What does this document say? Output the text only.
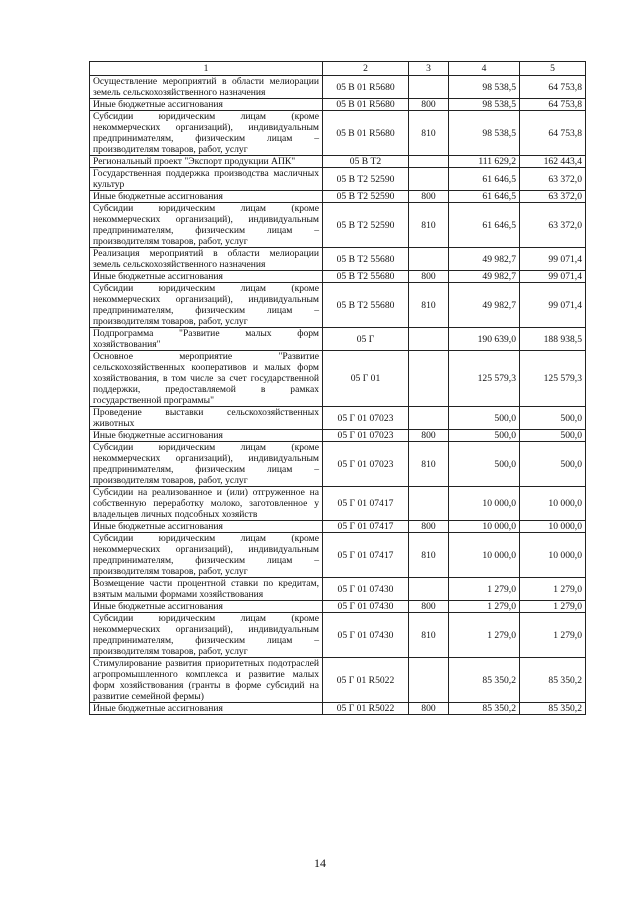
1	2	3	4	5
Осуществление мероприятий в области мелиорации земель сельскохозяйственного назначения	05 В 01 R5680		98 538,5	64 753,8
Иные бюджетные ассигнования	05 В 01 R5680	800	98 538,5	64 753,8
Субсидии юридическим лицам (кроме некоммерческих организаций), индивидуальным предпринимателям, физическим лицам – производителям товаров, работ, услуг	05 В 01 R5680	810	98 538,5	64 753,8
Региональный проект "Экспорт продукции АПК"	05 В Т2		111 629,2	162 443,4
Государственная поддержка производства масличных культур	05 В Т2 52590		61 646,5	63 372,0
Иные бюджетные ассигнования	05 В Т2 52590	800	61 646,5	63 372,0
Субсидии юридическим лицам (кроме некоммерческих организаций), индивидуальным предпринимателям, физическим лицам – производителям товаров, работ, услуг	05 В Т2 52590	810	61 646,5	63 372,0
Реализация мероприятий в области мелиорации земель сельскохозяйственного назначения	05 В Т2 55680		49 982,7	99 071,4
Иные бюджетные ассигнования	05 В Т2 55680	800	49 982,7	99 071,4
Субсидии юридическим лицам (кроме некоммерческих организаций), индивидуальным предпринимателям, физическим лицам – производителям товаров, работ, услуг	05 В Т2 55680	810	49 982,7	99 071,4
Подпрограмма "Развитие малых форм хозяйствования"	05 Г		190 639,0	188 938,5
Основное мероприятие "Развитие сельскохозяйственных кооперативов и малых форм хозяйствования, в том числе за счет государственной поддержки, предоставляемой в рамках государственной программы"	05 Г 01		125 579,3	125 579,3
Проведение выставки сельскохозяйственных животных	05 Г 01 07023		500,0	500,0
Иные бюджетные ассигнования	05 Г 01 07023	800	500,0	500,0
Субсидии юридическим лицам (кроме некоммерческих организаций), индивидуальным предпринимателям, физическим лицам – производителям товаров, работ, услуг	05 Г 01 07023	810	500,0	500,0
Субсидии на реализованное и (или) отгруженное на собственную переработку молоко, заготовленное у владельцев личных подсобных хозяйств	05 Г 01 07417		10 000,0	10 000,0
Иные бюджетные ассигнования	05 Г 01 07417	800	10 000,0	10 000,0
Субсидии юридическим лицам (кроме некоммерческих организаций), индивидуальным предпринимателям, физическим лицам – производителям товаров, работ, услуг	05 Г 01 07417	810	10 000,0	10 000,0
Возмещение части процентной ставки по кредитам, взятым малыми формами хозяйствования	05 Г 01 07430		1 279,0	1 279,0
Иные бюджетные ассигнования	05 Г 01 07430	800	1 279,0	1 279,0
Субсидии юридическим лицам (кроме некоммерческих организаций), индивидуальным предпринимателям, физическим лицам – производителям товаров, работ, услуг	05 Г 01 07430	810	1 279,0	1 279,0
Стимулирование развития приоритетных подотраслей агропромышленного комплекса и развитие малых форм хозяйствования (гранты в форме субсидий на развитие семейной фермы)	05 Г 01 R5022		85 350,2	85 350,2
Иные бюджетные ассигнования	05 Г 01 R5022	800	85 350,2	85 350,2
14
